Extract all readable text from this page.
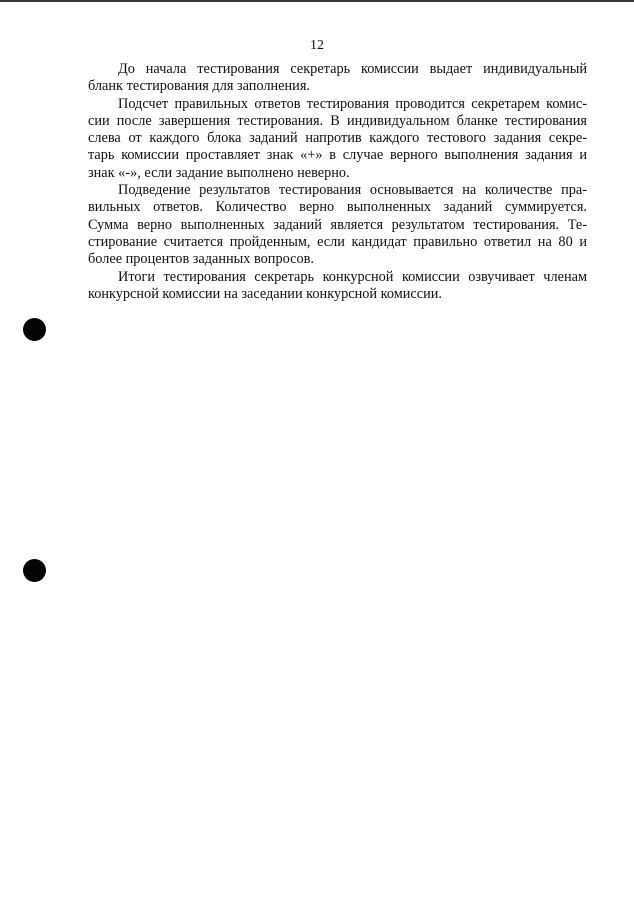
12

До начала тестирования секретарь комиссии выдает индивидуальный
бланк тестирования для заполнения.

Подсчет правильных ответов тестирования проводится секретарем комис-
сии после завершения тестирования. В индивидуальном бланке тестирования
слева от каждого блока заданий напротив каждого тестового задания секре-
тарь комиссии проставляет знак «+» в случае верного выполнения задания и
знак «-», если задание выполнено неверно.

Подведение результатов тестирования основывается на количестве пра-
вильных ответов. Количество верно выполненных заданий суммируется.
Сумма верно выполненных заданий является результатом тестирования. Те-
стирование считается пройденным, если кандидат правильно ответил на 80 и
более процентов заданных вопросов.

Итоги тестирования секретарь конкурсной комиссии озвучивает членам
конкурсной комиссии на заседании конкурсной комиссии.
